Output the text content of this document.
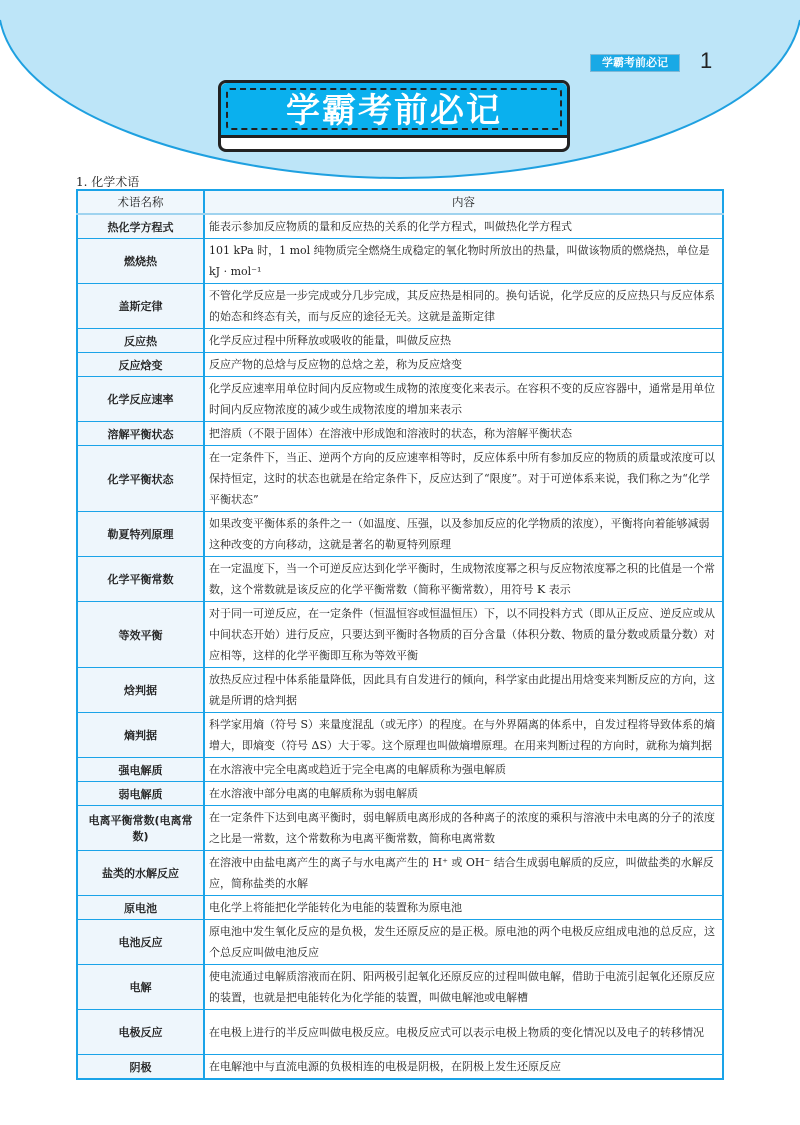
学霸考前必记	1
学霸考前必记
1. 化学术语
术语名称	内容
热化学方程式	能表示参加反应物质的量和反应热的关系的化学方程式，叫做热化学方程式
燃烧热	101 kPa 时，1 mol 纯物质完全燃烧生成稳定的氧化物时所放出的热量，叫做该物质的燃烧热，单位是 kJ · mol⁻¹
盖斯定律	不管化学反应是一步完成或分几步完成，其反应热是相同的。换句话说，化学反应的反应热只与反应体系的始态和终态有关，而与反应的途径无关。这就是盖斯定律
反应热	化学反应过程中所释放或吸收的能量，叫做反应热
反应焓变	反应产物的总焓与反应物的总焓之差，称为反应焓变
化学反应速率	化学反应速率用单位时间内反应物或生成物的浓度变化来表示。在容积不变的反应容器中，通常是用单位时间内反应物浓度的减少或生成物浓度的增加来表示
溶解平衡状态	把溶质（不限于固体）在溶液中形成饱和溶液时的状态，称为溶解平衡状态
化学平衡状态	在一定条件下，当正、逆两个方向的反应速率相等时，反应体系中所有参加反应的物质的质量或浓度可以保持恒定，这时的状态也就是在给定条件下，反应达到了“限度”。对于可逆体系来说，我们称之为“化学平衡状态”
勒夏特列原理	如果改变平衡体系的条件之一（如温度、压强，以及参加反应的化学物质的浓度），平衡将向着能够减弱这种改变的方向移动，这就是著名的勒夏特列原理
化学平衡常数	在一定温度下，当一个可逆反应达到化学平衡时，生成物浓度幂之积与反应物浓度幂之积的比值是一个常数，这个常数就是该反应的化学平衡常数（简称平衡常数），用符号 K 表示
等效平衡	对于同一可逆反应，在一定条件（恒温恒容或恒温恒压）下，以不同投料方式（即从正反应、逆反应或从中间状态开始）进行反应，只要达到平衡时各物质的百分含量（体积分数、物质的量分数或质量分数）对应相等，这样的化学平衡即互称为等效平衡
焓判据	放热反应过程中体系能量降低，因此具有自发进行的倾向，科学家由此提出用焓变来判断反应的方向，这就是所谓的焓判据
熵判据	科学家用熵（符号 S）来量度混乱（或无序）的程度。在与外界隔离的体系中，自发过程将导致体系的熵增大，即熵变（符号 ΔS）大于零。这个原理也叫做熵增原理。在用来判断过程的方向时，就称为熵判据
强电解质	在水溶液中完全电离或趋近于完全电离的电解质称为强电解质
弱电解质	在水溶液中部分电离的电解质称为弱电解质
电离平衡常数(电离常数)	在一定条件下达到电离平衡时，弱电解质电离形成的各种离子的浓度的乘积与溶液中未电离的分子的浓度之比是一常数，这个常数称为电离平衡常数，简称电离常数
盐类的水解反应	在溶液中由盐电离产生的离子与水电离产生的 H⁺ 或 OH⁻ 结合生成弱电解质的反应，叫做盐类的水解反应，简称盐类的水解
原电池	电化学上将能把化学能转化为电能的装置称为原电池
电池反应	原电池中发生氧化反应的是负极，发生还原反应的是正极。原电池的两个电极反应组成电池的总反应，这个总反应叫做电池反应
电解	使电流通过电解质溶液而在阴、阳两极引起氧化还原反应的过程叫做电解，借助于电流引起氧化还原反应的装置，也就是把电能转化为化学能的装置，叫做电解池或电解槽
电极反应	在电极上进行的半反应叫做电极反应。电极反应式可以表示电极上物质的变化情况以及电子的转移情况
阴极	在电解池中与直流电源的负极相连的电极是阴极，在阴极上发生还原反应
